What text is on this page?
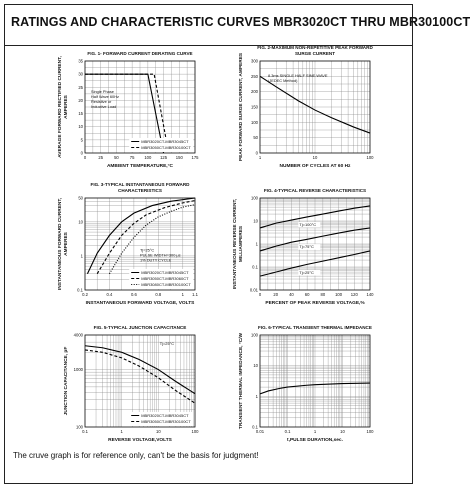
RATINGS AND CHARACTERISTIC CURVES MBR3020CT THRU MBR30100CT
FIG. 1- FORWARD CURRENT DERATING CURVE
0	25	50	75 100 125 150 175
0
5
10
15
20
25
30
35
AMBIENT TEMPERATURE,°C
AVERAGE FORWARD RECTIFIED CURRENT, AMPERES
MBR3020CT-MBR3045CT
MBR3050CT-MBR30100CT
Single Phase
Half Wave 60Hz
Resistive or
Inductive Load
FIG. 2-MAXIMUM NON-REPETITIVE PEAK FORWARD
SURGE CURRENT
1	10	100
0
50
100
150
200
250
300
NUMBER OF CYCLES AT 60 Hz
PEAK FORWARD SURGE CURRENT, AMPERES	8.3ms SINGLE HALF SINE-WAVE
(JEDEC Method)
FIG. 3-TYPICAL INSTANTANEOUS FORWARD
CHARACTERISTICS
0.2	0.4	0.6	0.8	1 1.1
0.1
1
10
50
INSTANTANEOUS FORWARD VOLTAGE, VOLTS
INSTANTANEOUS FORWARD CURRENT, AMPERES
MBR3020CT-MBR3045CT
MBR3050CT-MBR3060CT
MBR3080CT-MBR30100CT
Tj=25°C
PULSE WIDTH=300 μs
1% DUTY CYCLE
FIG. 4-TYPICAL REVERSE CHARACTERISTICS
0	20	40	60	80 100 120 140
0.01
0.1
1
10
100
PERCENT OF PEAK REVERSE VOLTAGE,%
INSTANTANEOUS REVERSE CURRENT, MILLIAMPERES
Tj=100°C
Tj=75°C
Tj=25°C
FIG. 5-TYPICAL JUNCTION CAPACITANCE
0.1	1	10	100
100
1000
4000
REVERSE VOLTAGE,VOLTS
JUNCTION CAPACITANCE, pF
MBR3020CT-MBR3045CT
MBR3050CT-MBR30100CT
Tj=25°C
FIG. 6-TYPICAL TRANSIENT THERMAL IMPEDANCE
0.01	0.1	1	10	100
0.1
1
10
100
t,PULSE DURATION,sec.
TRANSIENT THERMAL IMPEDANCE, °C/W
The cruve graph is for reference only, can't be the basis for judgment!
